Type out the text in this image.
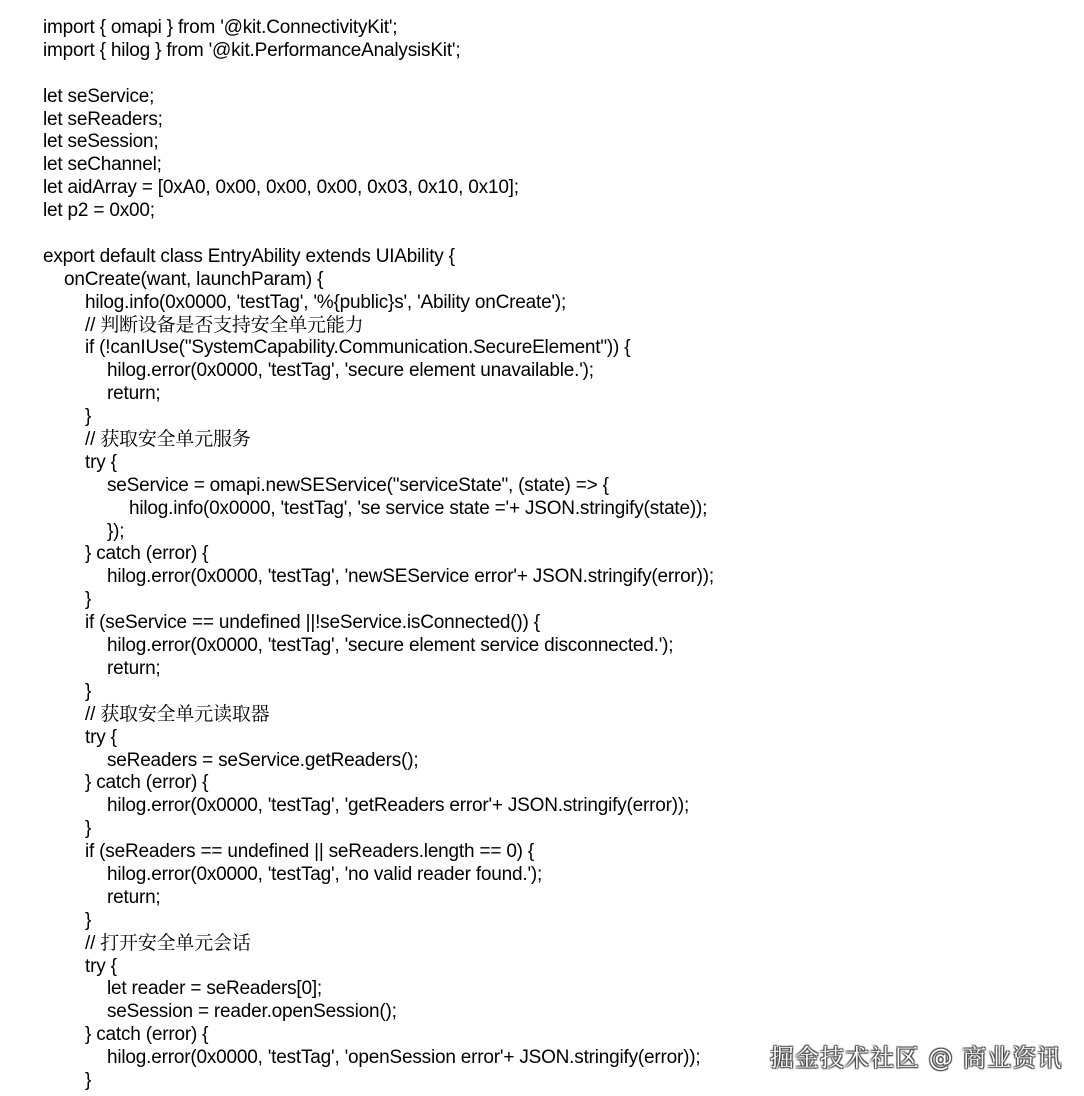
import { omapi } from '@kit.ConnectivityKit';
import { hilog } from '@kit.PerformanceAnalysisKit';
let seService;
let seReaders;
let seSession;
let seChannel;
let aidArray = [0xA0, 0x00, 0x00, 0x00, 0x03, 0x10, 0x10];
let p2 = 0x00;
export default class EntryAbility extends UIAbility {
onCreate(want, launchParam) {
hilog.info(0x0000, 'testTag', '%{public}s', 'Ability onCreate');
// 判断设备是否支持安全单元能力
if (!canIUse("SystemCapability.Communication.SecureElement")) {
hilog.error(0x0000, 'testTag', 'secure element unavailable.');
return;
}
// 获取安全单元服务
try {
seService = omapi.newSEService("serviceState", (state) => {
hilog.info(0x0000, 'testTag', 'se service state ='+ JSON.stringify(state));
});
} catch (error) {
hilog.error(0x0000, 'testTag', 'newSEService error'+ JSON.stringify(error));
}
if (seService == undefined ||!seService.isConnected()) {
hilog.error(0x0000, 'testTag', 'secure element service disconnected.');
return;
}
// 获取安全单元读取器
try {
seReaders = seService.getReaders();
} catch (error) {
hilog.error(0x0000, 'testTag', 'getReaders error'+ JSON.stringify(error));
}
if (seReaders == undefined || seReaders.length == 0) {
hilog.error(0x0000, 'testTag', 'no valid reader found.');
return;
}
// 打开安全单元会话
try {
let reader = seReaders[0];
seSession = reader.openSession();
} catch (error) {
hilog.error(0x0000, 'testTag', 'openSession error'+ JSON.stringify(error));
}
掘金技术社区 @ 商业资讯
